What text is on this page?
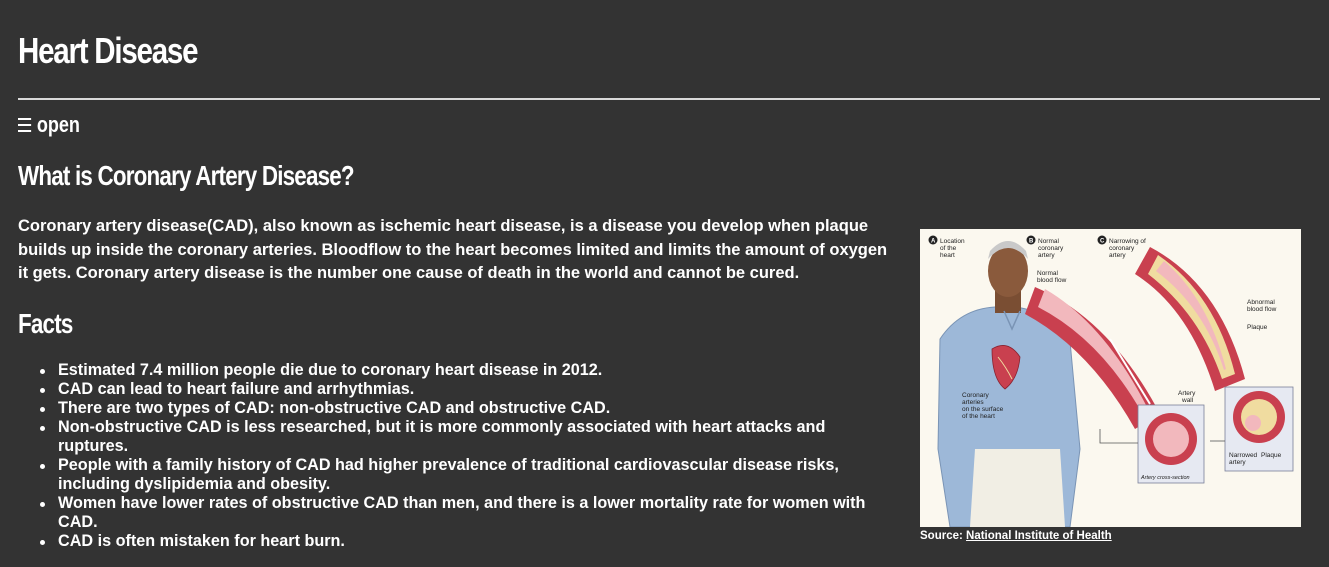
Heart Disease
open
What is Coronary Artery Disease?

Coronary artery disease(CAD), also known as ischemic heart disease, is a disease you develop when plaque builds up inside the coronary arteries. Bloodflow to the heart becomes limited and limits the amount of oxygen it gets. Coronary artery disease is the number one cause of death in the world and cannot be cured.

Facts
Estimated 7.4 million people die due to coronary heart disease in 2012.
CAD can lead to heart failure and arrhythmias.
There are two types of CAD: non-obstructive CAD and obstructive CAD.
Non-obstructive CAD is less researched, but it is more commonly associated with heart attacks and ruptures.
People with a family history of CAD had higher prevalence of traditional cardiovascular disease risks, including dyslipidemia and obesity.
Women have lower rates of obstructive CAD than men, and there is a lower mortality rate for women with CAD.
CAD is often mistaken for heart burn.
A Location
of the
heart
B Normal
coronary
artery
C Narrowing of
coronary
artery
Normal
blood flow
Abnormal
blood flow
Plaque
Artery
wall
Coronary
arteries
on the surface
of the heart
Artery cross-section
Narrowed Plaque
artery
Source: National Institute of Health
